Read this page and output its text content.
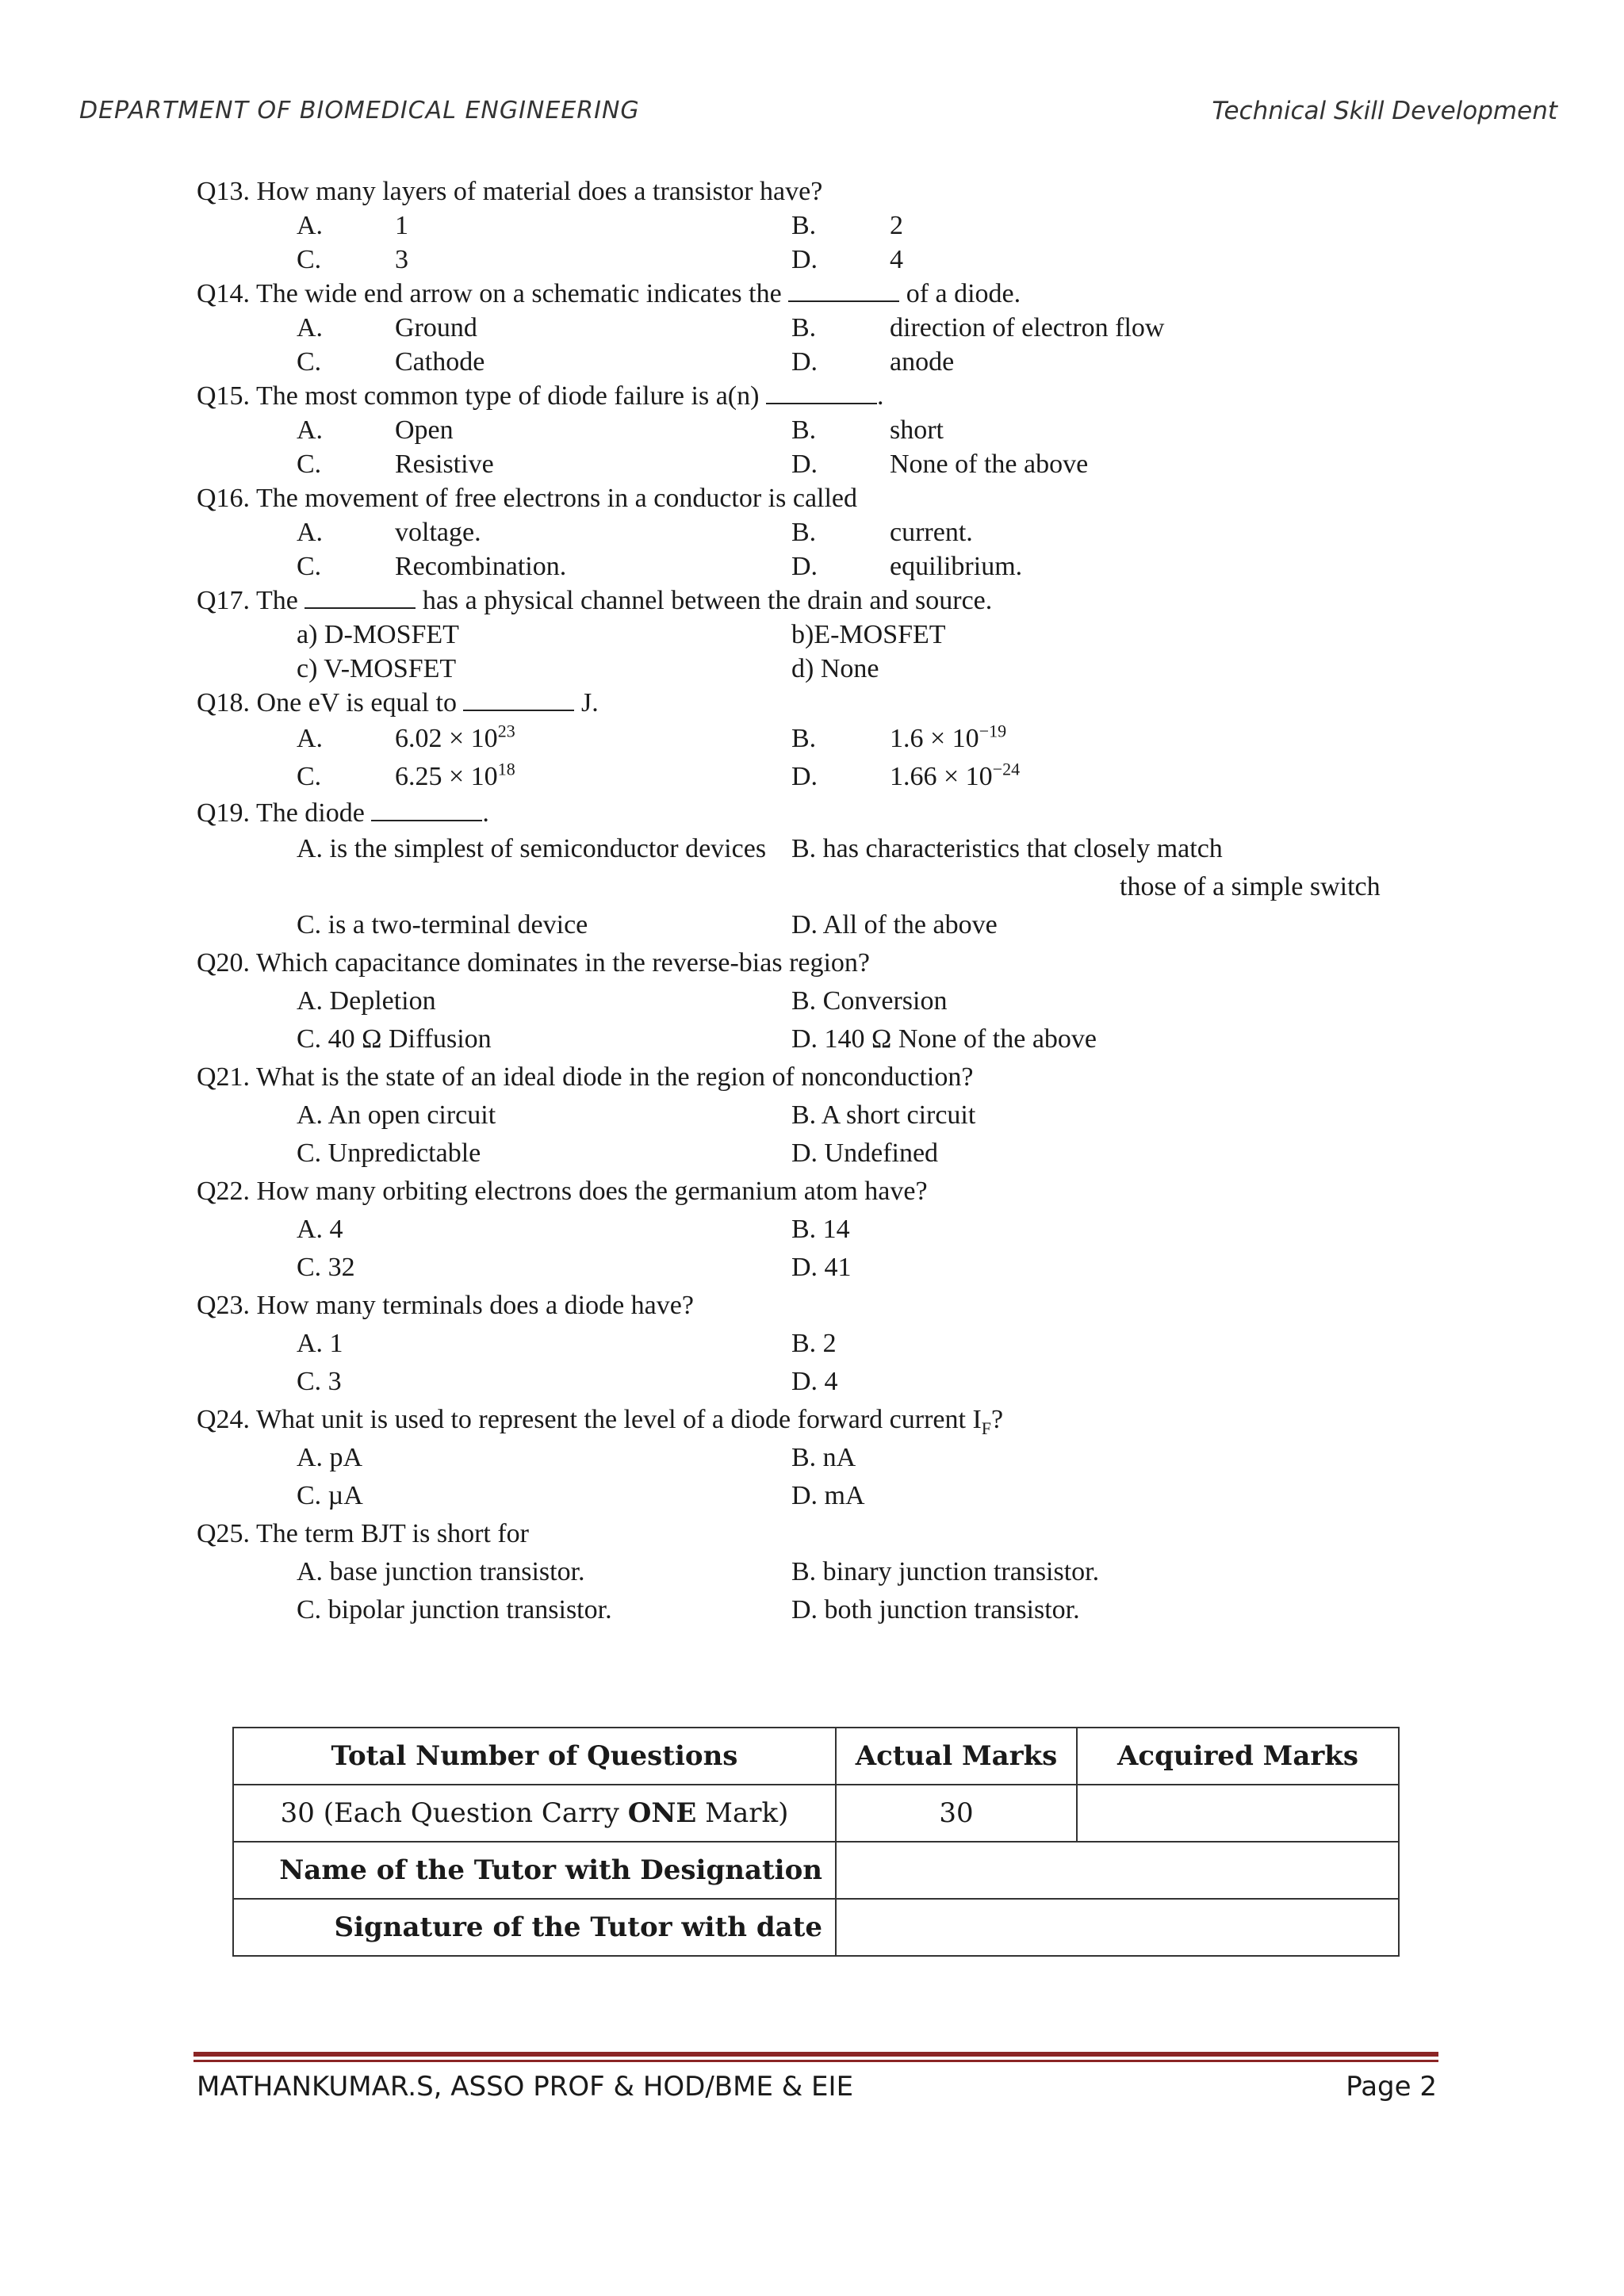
DEPARTMENT OF BIOMEDICAL ENGINEERING	Technical Skill Development
Q13. How many layers of material does a transistor have?
A.	1	B.	2
C.	3	D.	4
Q14. The wide end arrow on a schematic indicates the	of a diode.
A.	Ground	B.	direction of electron flow
C.	Cathode	D.	anode
Q15. The most common type of diode failure is a(n)	.
A.	Open	B.	short
C.	Resistive	D.	None of the above
Q16. The movement of free electrons in a conductor is called
A.	voltage.	B.	current.
C.	Recombination.	D.	equilibrium.
Q17. The	has a physical channel between the drain and source.
a) D-MOSFET	b)E-MOSFET
c) V-MOSFET	d) None
Q18. One eV is equal to	J.
A.	$6.02 \times 10^{23}$	B.	$1.6 \times 10^{-19}$
C.	$6.25 \times 10^{18}$	D.	$1.66 \times 10^{-24}$
Q19. The diode	.
A. is the simplest of semiconductor devices B. has characteristics that closely match
those of a simple switch
C. is a two-terminal device	D. All of the above
Q20. Which capacitance dominates in the reverse-bias region?
A. Depletion	B. Conversion
C. 40 Ω Diffusion	D. 140 Ω None of the above
Q21. What is the state of an ideal diode in the region of nonconduction?
A. An open circuit	B. A short circuit
C. Unpredictable	D. Undefined
Q22. How many orbiting electrons does the germanium atom have?
A. 4	B. 14
C. 32	D. 41
Q23. How many terminals does a diode have?
A. 1	B. 2
C. 3	D. 4
Q24. What unit is used to represent the level of a diode forward current $I_F$?
A. pA	B. nA
C. µA	D. mA
Q25. The term BJT is short for
A. base junction transistor.	B. binary junction transistor.
C. bipolar junction transistor.	D. both junction transistor.
Total Number of Questions	Actual Marks	Acquired Marks
30 (Each Question Carry ONE Mark)	30	
Name of the Tutor with Designation		
Signature of the Tutor with date		
MATHANKUMAR.S, ASSO PROF & HOD/BME & EIE	Page 2
